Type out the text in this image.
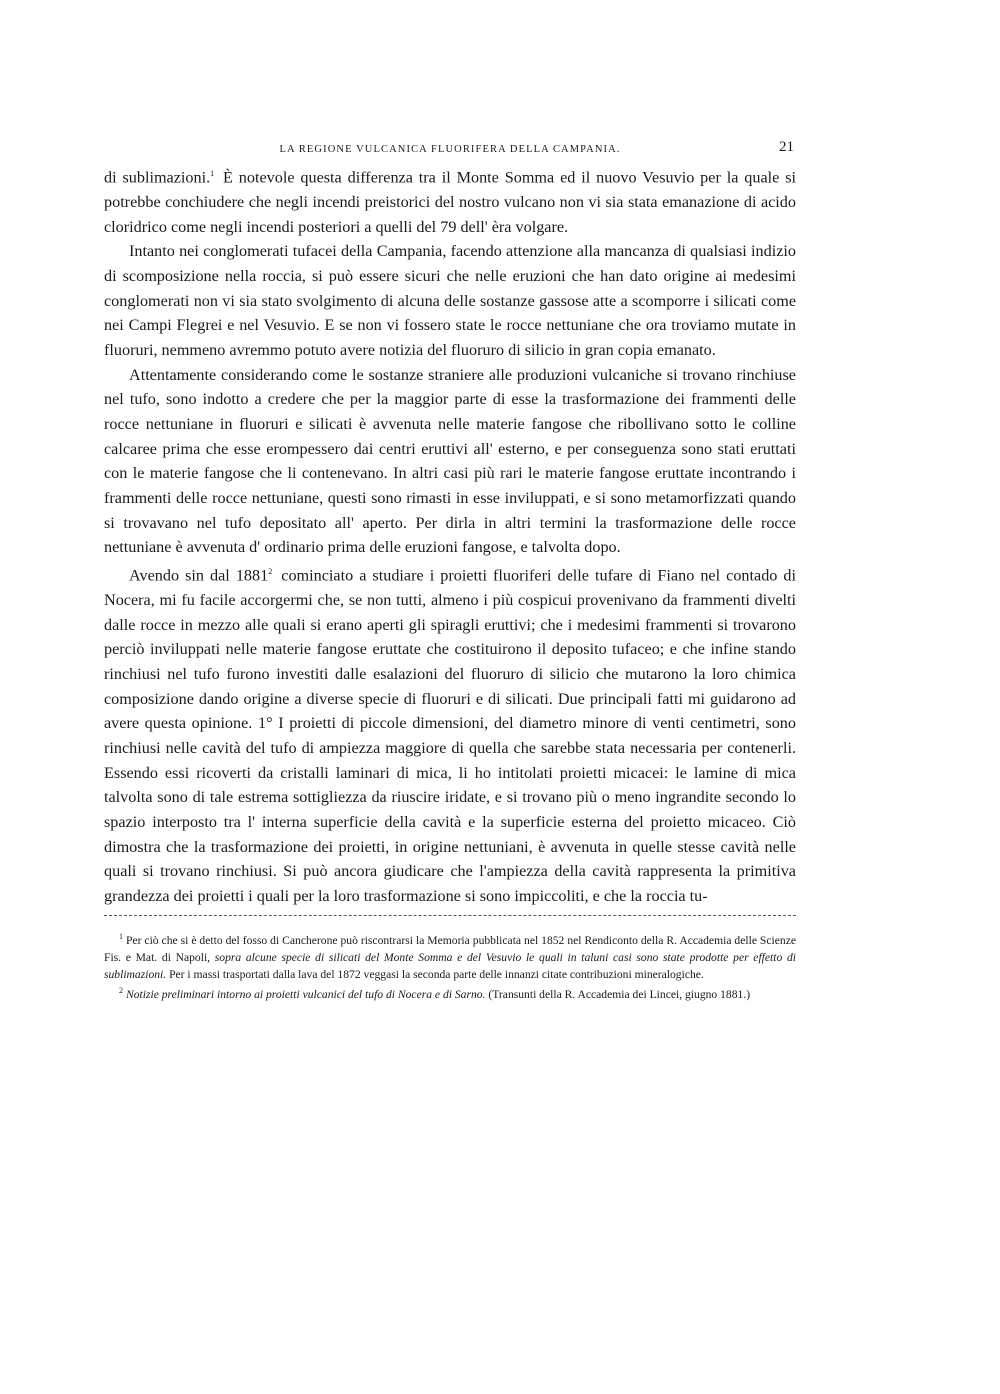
LA REGIONE VULCANICA FLUORIFERA DELLA CAMPANIA.	21

di sublimazioni.$^1$ È notevole questa differenza tra il Monte Somma ed il nuovo Vesuvio per la quale si potrebbe conchiudere che negli incendi preistorici del nostro vulcano non vi sia stata emanazione di acido cloridrico come negli incendi posteriori a quelli del 79 dell' èra volgare.

Intanto nei conglomerati tufacei della Campania, facendo attenzione alla mancanza di qualsiasi indizio di scomposizione nella roccia, si può essere sicuri che nelle eruzioni che han dato origine ai medesimi conglomerati non vi sia stato svolgimento di alcuna delle sostanze gassose atte a scomporre i silicati come nei Campi Flegrei e nel Vesuvio. E se non vi fossero state le rocce nettuniane che ora troviamo mutate in fluoruri, nemmeno avremmo potuto avere notizia del fluoruro di silicio in gran copia emanato.

Attentamente considerando come le sostanze straniere alle produzioni vulcaniche si trovano rinchiuse nel tufo, sono indotto a credere che per la maggior parte di esse la trasformazione dei frammenti delle rocce nettuniane in fluoruri e silicati è avvenuta nelle materie fangose che ribollivano sotto le colline calcaree prima che esse erompessero dai centri eruttivi all' esterno, e per conseguenza sono stati eruttati con le materie fangose che li contenevano. In altri casi più rari le materie fangose eruttate incontrando i frammenti delle rocce nettuniane, questi sono rimasti in esse inviluppati, e si sono metamorfizzati quando si trovavano nel tufo depositato all' aperto. Per dirla in altri termini la trasformazione delle rocce nettuniane è avvenuta d' ordinario prima delle eruzioni fangose, e talvolta dopo.

Avendo sin dal 1881$^2$ cominciato a studiare i proietti fluoriferi delle tufare di Fiano nel contado di Nocera, mi fu facile accorgermi che, se non tutti, almeno i più cospicui provenivano da frammenti divelti dalle rocce in mezzo alle quali si erano aperti gli spiragli eruttivi; che i medesimi frammenti si trovarono perciò inviluppati nelle materie fangose eruttate che costituirono il deposito tufaceo; e che infine stando rinchiusi nel tufo furono investiti dalle esalazioni del fluoruro di silicio che mutarono la loro chimica composizione dando origine a diverse specie di fluoruri e di silicati. Due principali fatti mi guidarono ad avere questa opinione. 1° I proietti di piccole dimensioni, del diametro minore di venti centimetri, sono rinchiusi nelle cavità del tufo di ampiezza maggiore di quella che sarebbe stata necessaria per contenerli. Essendo essi ricoverti da cristalli laminari di mica, li ho intitolati proietti micacei: le lamine di mica talvolta sono di tale estrema sottigliezza da riuscire iridate, e si trovano più o meno ingrandite secondo lo spazio interposto tra l' interna superficie della cavità e la superficie esterna del proietto micaceo. Ciò dimostra che la trasformazione dei proietti, in origine nettuniani, è avvenuta in quelle stesse cavità nelle quali si trovano rinchiusi. Si può ancora giudicare che l'ampiezza della cavità rappresenta la primitiva grandezza dei proietti i quali per la loro trasformazione si sono impiccoliti, e che la roccia tu-

$^1$ Per ciò che si è detto del fosso di Cancherone può riscontrarsi la Memoria pubblicata nel 1852 nel Rendiconto della R. Accademia delle Scienze Fis. e Mat. di Napoli, sopra alcune specie di silicati del Monte Somma e del Vesuvio le quali in taluni casi sono state prodotte per effetto di sublimazioni. Per i massi trasportati dalla lava del 1872 veggasi la seconda parte delle innanzi citate contribuzioni mineralogiche.

$^2$ Notizie preliminari intorno ai proietti vulcanici del tufo di Nocera e di Sarno. (Transunti della R. Accademia dei Lincei, giugno 1881.)
